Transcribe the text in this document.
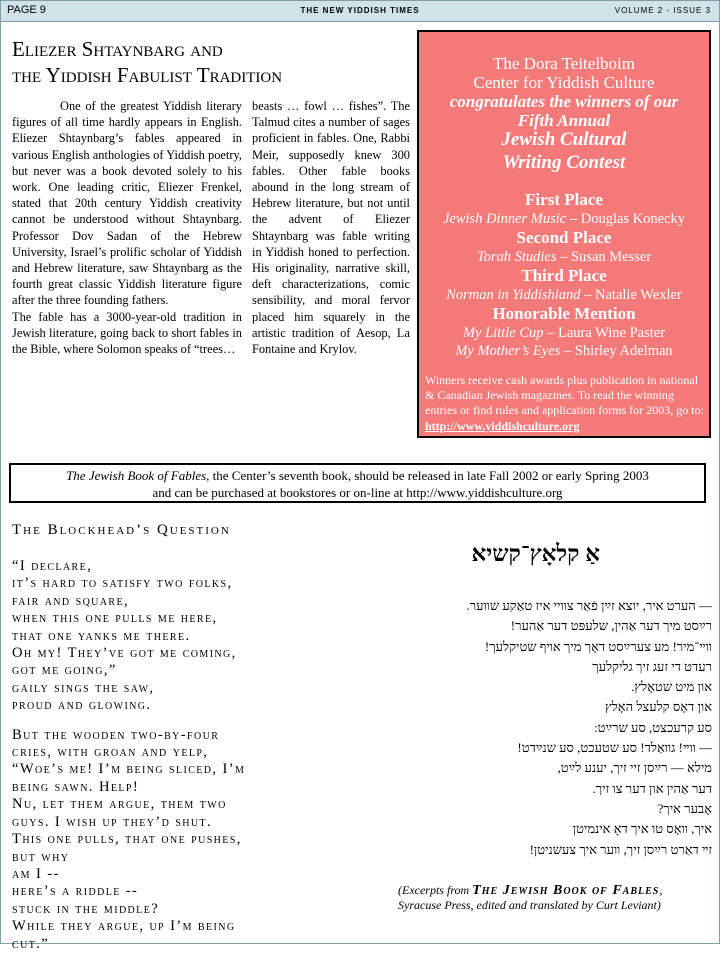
PAGE 9	THE NEW YIDDISH TIMES	VOLUME 2 - ISSUE 3
Eliezer Shtaynbarg and
the Yiddish Fabulist Tradition

One of the greatest Yiddish literary figures of all time hardly appears in English. Eliezer Shtaynbarg’s fables appeared in various English anthologies of Yiddish poetry, but never was a book devoted solely to his work. One leading critic, Eliezer Frenkel, stated that 20th century Yiddish creativity cannot be understood without Shtaynbarg. Professor Dov Sadan of the Hebrew University, Israel’s prolific scholar of Yiddish and Hebrew literature, saw Shtaynbarg as the fourth great classic Yiddish literature figure after the three founding fathers.

The fable has a 3000-year-old tradition in Jewish literature, going back to short fables in the Bible, where Solomon speaks of “trees…

beasts … fowl … fishes”. The Talmud cites a number of sages proficient in fables. One, Rabbi Meir, supposedly knew 300 fables. Other fable books abound in the long stream of Hebrew literature, but not until the advent of Eliezer Shtaynbarg was fable writing in Yiddish honed to perfection. His originality, narrative skill, deft characterizations, comic sensibility, and moral fervor placed him squarely in the artistic tradition of Aesop, La Fontaine and Krylov.

The Dora Teitelboim
Center for Yiddish Culture
congratulates the winners of our
Fifth Annual
Jewish Cultural
Writing Contest
First Place
Jewish Dinner Music – Douglas Konecky
Second Place
Torah Studies – Susan Messer
Third Place
Norman in Yiddishland – Natalie Wexler
Honorable Mention
My Little Cup – Laura Wine Paster
My Mother’s Eyes – Shirley Adelman
Winners receive cash awards plus publication in national & Canadian Jewish magazines. To read the winning entries or find rules and application forms for 2003, go to: http://www.yiddishculture.org
The Jewish Book of Fables, the Center’s seventh book, should be released in late Fall 2002 or early Spring 2003
and can be purchased at bookstores or on-line at http://www.yiddishculture.org
The Blockhead’s Question
“I declare,
it’s hard to satisfy two folks,
fair and square,
when this one pulls me here,
that one yanks me there.
Oh my! They’ve got me coming,
got me going,”
gaily sings the saw,
proud and glowing.
But the wooden two-by-four
cries, with groan and yelp,
“Woe’s me! I’m being sliced, I’m
being sawn. Help!
Nu, let them argue, them two
guys. I wish up they’d shut.
This one pulls, that one pushes,
but why
am I --
here’s a riddle --
stuck in the middle?
While they argue, up I’m being
cut.”
אַ קלאָץ־קשיא
— הערט איר, יוצא זײַן פֿאַר צװיי איז טאַקע שװער.
רײַסט מיך דער אַהין, שלעפּט דער אַהער!
װײ־מיר! מע צערײַסט דאָך מיך אױף שטיקלעך!
רעדט די זעג זיך גליקלעך
און מיט שטאָלץ.
און דאָס קלעצל האָלץ
סע קרעכצט, סע שרײַט:
— װײ! גװאַלד! סע שטעכט, סע שנײַדט!
מילא — רײַסן זיי זיך, יענע לײַט,
דער אַהין און דער צו זיך.
אָבער איך?
איך, װאָס טו איך דאָ אינמיטן
זײ דאַרט רײַסן זיך, װער איך צעשניטן!
(Excerpts from The Jewish Book of Fables, Syracuse Press, edited and translated by Curt Leviant)
